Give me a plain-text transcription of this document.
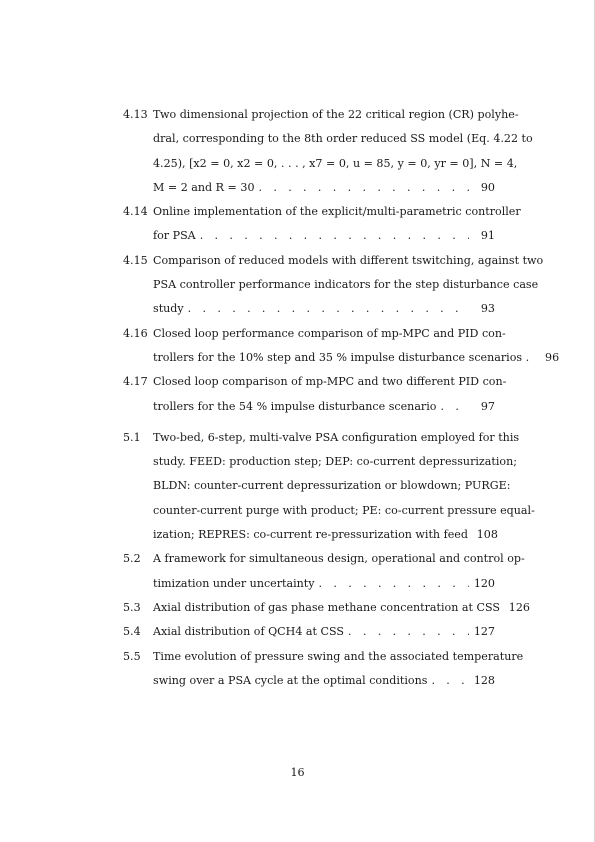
4.13 Two dimensional projection of the 22 critical region (CR) polyhe-
dral, corresponding to the 8th order reduced SS model (Eq. 4.22 to
4.25), [x2 = 0, x2 = 0, . . . , x7 = 0, u = 85, y = 0, yr = 0], N = 4,
M = 2 and R = 30 . . .	90
4.14 Online implementation of the explicit/multi-parametric controller
for PSA . . .	91
4.15 Comparison of reduced models with different tswitching, against two
PSA controller performance indicators for the step disturbance case
study . . .	93
4.16 Closed loop performance comparison of mp-MPC and PID con-
trollers for the 10% step and 35 % impulse disturbance scenarios . . . .	96
4.17 Closed loop comparison of mp-MPC and two different PID con-
trollers for the 54 % impulse disturbance scenario . . .	97
5.1	Two-bed, 6-step, multi-valve PSA configuration employed for this
study. FEED: production step; DEP: co-current depressurization;
BLDN: counter-current depressurization or blowdown; PURGE:
counter-current purge with product; PE: co-current pressure equal-
ization; REPRES: co-current re-pressurization with feed . . . 108
5.2	A framework for simultaneous design, operational and control op-
timization under uncertainty . . .	120
5.3	Axial distribution of gas phase methane concentration at CSS . . . 126
5.4	Axial distribution of QCH4 at CSS . . .	127
5.5	Time evolution of pressure swing and the associated temperature
swing over a PSA cycle at the optimal conditions . . .	128
16
